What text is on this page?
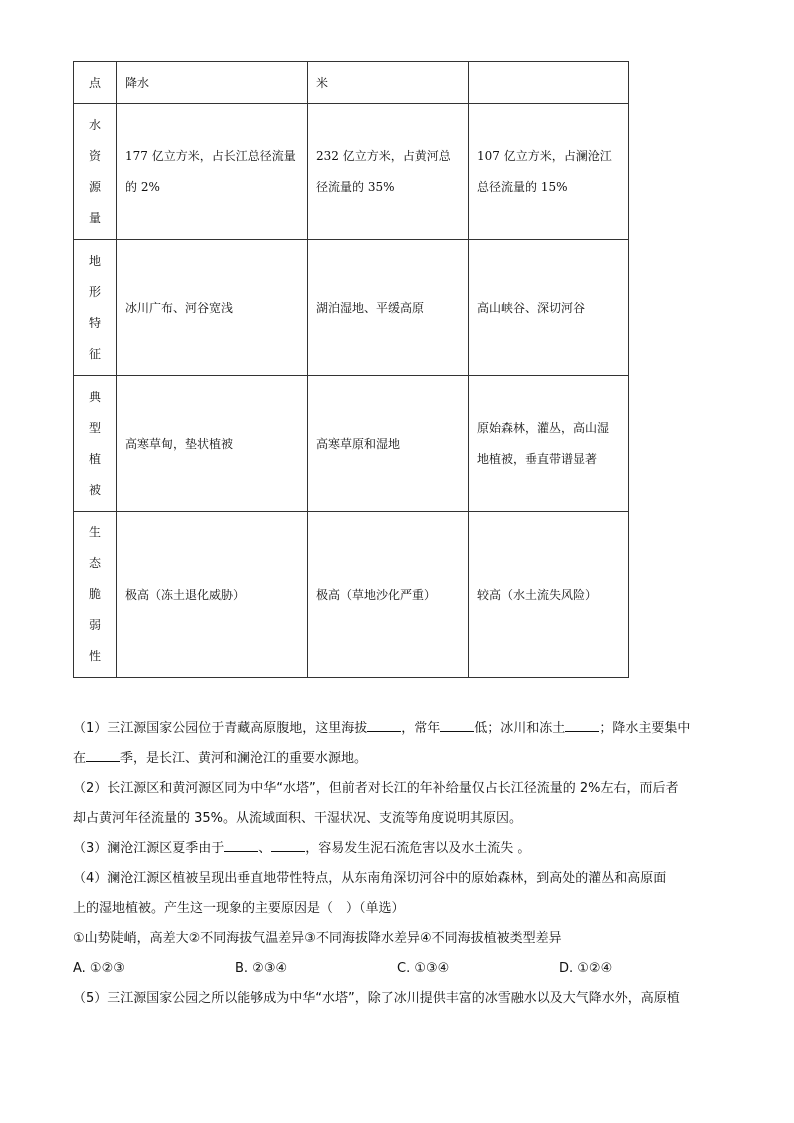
点	降水	米	

水
资
源
量	177 亿立方米，占长江总径流量的 2%	232 亿立方米，占黄河总径流量的 35%	107 亿立方米，占澜沧江总径流量的 15%

地
形
特
征	冰川广布、河谷宽浅	湖泊湿地、平缓高原	高山峡谷、深切河谷

典
型
植
被	高寒草甸，垫状植被	高寒草原和湿地	原始森林，灌丛，高山湿地植被，垂直带谱显著

生
态
脆
弱
性	极高（冻土退化威胁）	极高（草地沙化严重）	较高（水土流失风险）

（1）三江源国家公园位于青藏高原腹地，这里海拔	，常年	低；冰川和冻土	；降水主要集中
在	季，是长江、黄河和澜沧江的重要水源地。

（2）长江源区和黄河源区同为中华“水塔”，但前者对长江的年补给量仅占长江径流量的 2%左右，而后者
却占黄河年径流量的 35%。从流域面积、干湿状况、支流等角度说明其原因。

（3）澜沧江源区夏季由于	、	，容易发生泥石流危害以及水土流失 。

（4）澜沧江源区植被呈现出垂直地带性特点，从东南角深切河谷中的原始森林，到高处的灌丛和高原面
上的湿地植被。产生这一现象的主要原因是（　）（单选）
①山势陡峭，高差大②不同海拔气温差异③不同海拔降水差异④不同海拔植被类型差异

A. ①②③	B. ②③④	C. ①③④	D. ①②④

（5）三江源国家公园之所以能够成为中华“水塔”，除了冰川提供丰富的冰雪融水以及大气降水外，高原植
